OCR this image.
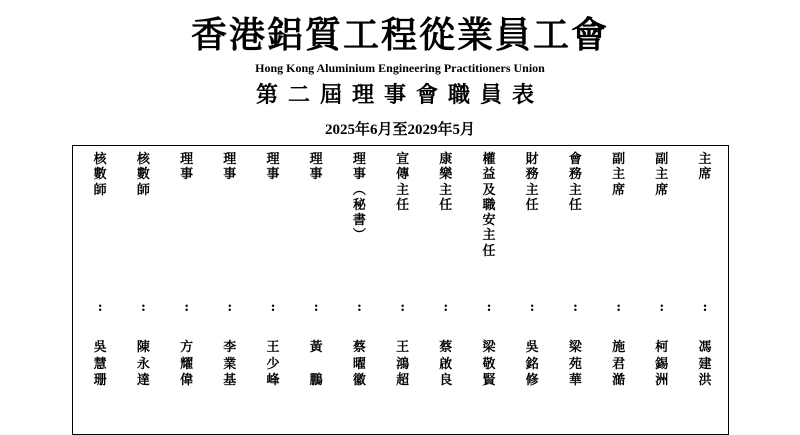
香港鋁質工程從業員工會
Hong Kong Aluminium Engineering Practitioners Union
第二屆理事會職員表
2025年6月至2029年5月
主
席
:
馮
建
洪
副
主
席
:
柯
錫
洲
副
主
席
:
施
君
澔
會
務
主
任
:
梁
苑
華
財
務
主
任
:
吳
銘
修
權
益
及
職
安
主
任
:
梁
敬
賢
康
樂
主
任
:
蔡
啟
良
宣
傳
主
任
:
王
鴻
超
理
事
︵
秘
書
︶
:
蔡
曜
徽
理
事
:
黃

鵬
理
事
:
王
少
峰
理
事
:
李
業
基
理
事
:
方
耀
偉
核
數
師
:
陳
永
達
核
數
師
:
吳
慧
珊
